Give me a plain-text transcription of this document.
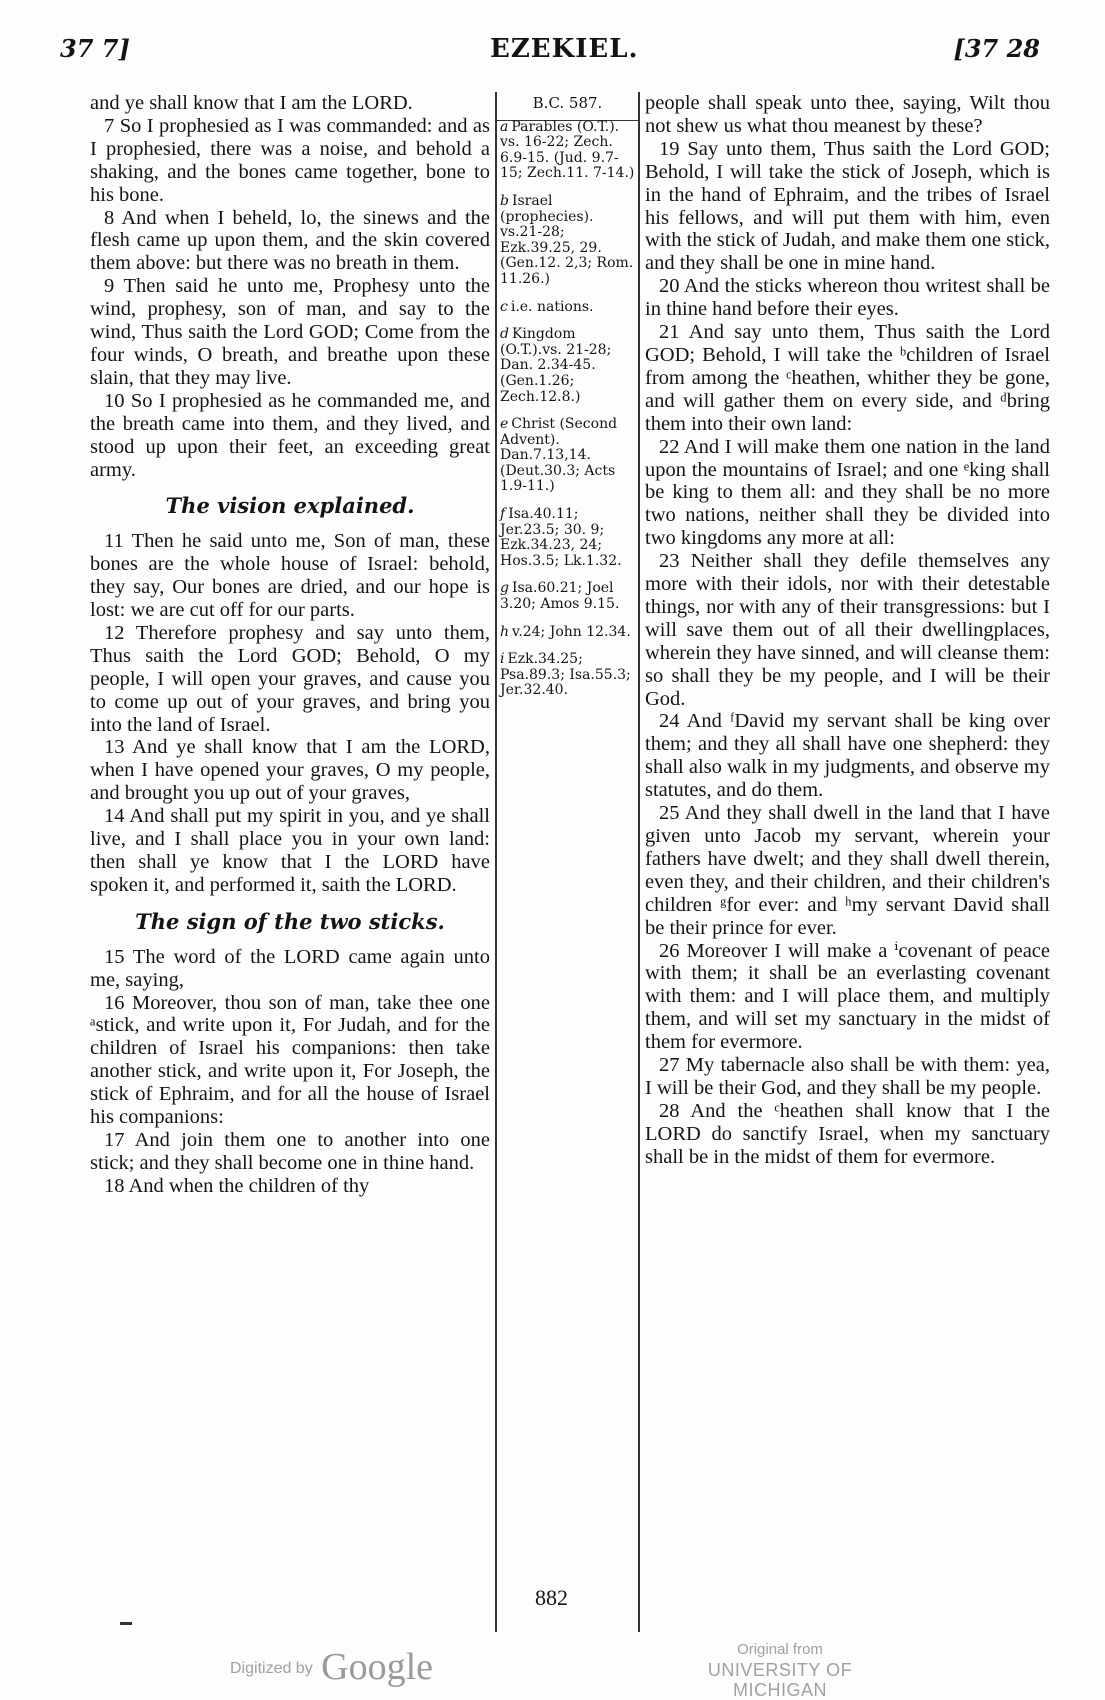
37 7]	EZEKIEL.	[37 28

and ye shall know that I am the LORD.

7 So I prophesied as I was commanded: and as I prophesied, there was a noise, and behold a shaking, and the bones came together, bone to his bone.

8 And when I beheld, lo, the sinews and the flesh came up upon them, and the skin covered them above: but there was no breath in them.

9 Then said he unto me, Prophesy unto the wind, prophesy, son of man, and say to the wind, Thus saith the Lord GOD; Come from the four winds, O breath, and breathe upon these slain, that they may live.

10 So I prophesied as he commanded me, and the breath came into them, and they lived, and stood up upon their feet, an exceeding great army.

The vision explained.

11 Then he said unto me, Son of man, these bones are the whole house of Israel: behold, they say, Our bones are dried, and our hope is lost: we are cut off for our parts.

12 Therefore prophesy and say unto them, Thus saith the Lord GOD; Behold, O my people, I will open your graves, and cause you to come up out of your graves, and bring you into the land of Israel.

13 And ye shall know that I am the LORD, when I have opened your graves, O my people, and brought you up out of your graves,

14 And shall put my spirit in you, and ye shall live, and I shall place you in your own land: then shall ye know that I the LORD have spoken it, and performed it, saith the LORD.

The sign of the two sticks.

15 The word of the LORD came again unto me, saying,

16 Moreover, thou son of man, take thee one ᵃstick, and write upon it, For Judah, and for the children of Israel his companions: then take another stick, and write upon it, For Joseph, the stick of Ephraim, and for all the house of Israel his companions:

17 And join them one to another into one stick; and they shall become one in thine hand.

18 And when the children of thy

B.C. 587.
a Parables (O.T.). vs. 16-22; Zech. 6.9-15. (Jud. 9.7-15; Zech.11. 7-14.)
b Israel (prophecies). vs.21-28; Ezk.39.25, 29. (Gen.12. 2,3; Rom. 11.26.)
c i.e. nations.
d Kingdom (O.T.).vs. 21-28; Dan. 2.34-45. (Gen.1.26; Zech.12.8.)
e Christ (Second Advent). Dan.7.13,14. (Deut.30.3; Acts 1.9-11.)
f Isa.40.11; Jer.23.5; 30. 9; Ezk.34.23, 24; Hos.3.5; Lk.1.32.
g Isa.60.21; Joel 3.20; Amos 9.15.
h v.24; John 12.34.
i Ezk.34.25; Psa.89.3; Isa.55.3; Jer.32.40.

people shall speak unto thee, saying, Wilt thou not shew us what thou meanest by these?

19 Say unto them, Thus saith the Lord GOD; Behold, I will take the stick of Joseph, which is in the hand of Ephraim, and the tribes of Israel his fellows, and will put them with him, even with the stick of Judah, and make them one stick, and they shall be one in mine hand.

20 And the sticks whereon thou writest shall be in thine hand before their eyes.

21 And say unto them, Thus saith the Lord GOD; Behold, I will take the ᵇchildren of Israel from among the ᶜheathen, whither they be gone, and will gather them on every side, and ᵈbring them into their own land:

22 And I will make them one nation in the land upon the mountains of Israel; and one ᵉking shall be king to them all: and they shall be no more two nations, neither shall they be divided into two kingdoms any more at all:

23 Neither shall they defile themselves any more with their idols, nor with their detestable things, nor with any of their transgressions: but I will save them out of all their dwellingplaces, wherein they have sinned, and will cleanse them: so shall they be my people, and I will be their God.

24 And ᶠDavid my servant shall be king over them; and they all shall have one shepherd: they shall also walk in my judgments, and observe my statutes, and do them.

25 And they shall dwell in the land that I have given unto Jacob my servant, wherein your fathers have dwelt; and they shall dwell therein, even they, and their children, and their children's children ᵍfor ever: and ʰmy servant David shall be their prince for ever.

26 Moreover I will make a ⁱcovenant of peace with them; it shall be an everlasting covenant with them: and I will place them, and multiply them, and will set my sanctuary in the midst of them for evermore.

27 My tabernacle also shall be with them: yea, I will be their God, and they shall be my people.

28 And the ᶜheathen shall know that I the LORD do sanctify Israel, when my sanctuary shall be in the midst of them for evermore.

882
Digitized by Google	Original from
UNIVERSITY OF MICHIGAN
